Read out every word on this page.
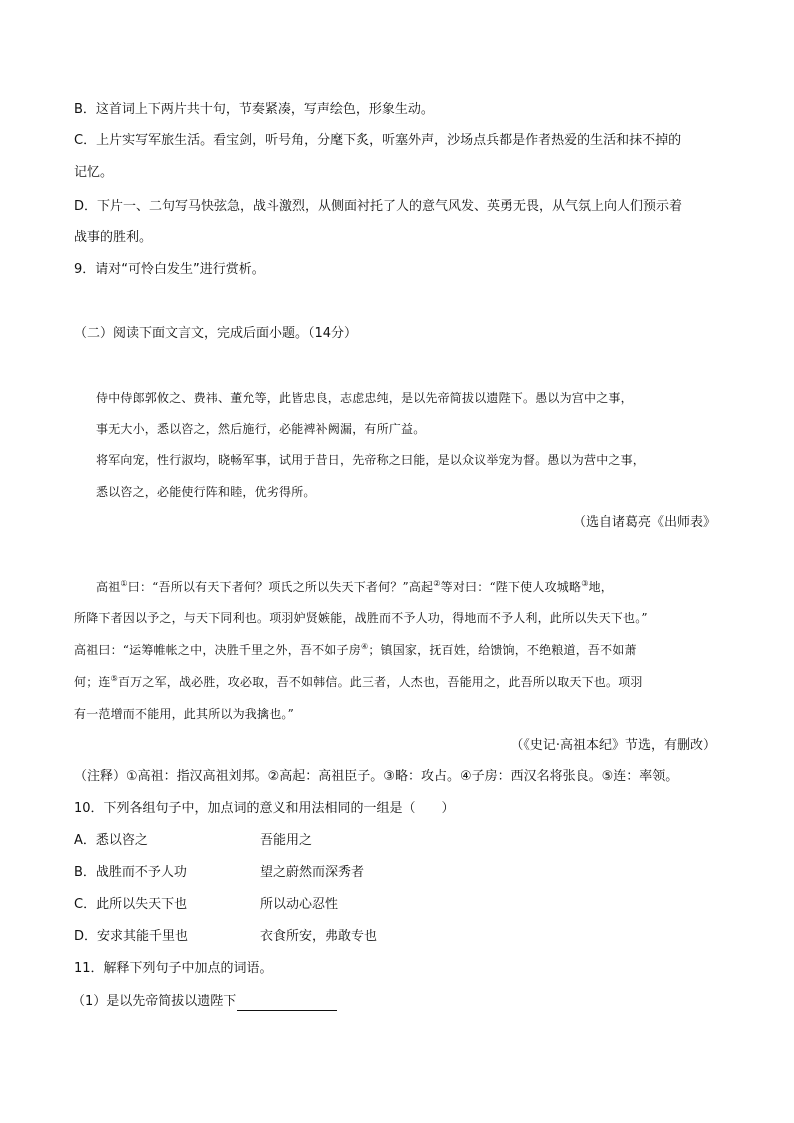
B．这首词上下两片共十句，节奏紧凑，写声绘色，形象生动。
C．上片实写军旅生活。看宝剑，听号角，分麾下炙，听塞外声，沙场点兵都是作者热爱的生活和抹不掉的
记忆。
D．下片一、二句写马快弦急，战斗激烈，从侧面衬托了人的意气风发、英勇无畏，从气氛上向人们预示着
战事的胜利。
9．请对“可怜白发生”进行赏析。
（二）阅读下面文言文，完成后面小题。（14分）
侍中侍郎郭攸之、费祎、董允等，此皆忠良，志虑忠纯，是以先帝简拔以遗陛下。愚以为宫中之事，
事无大小，悉以咨之，然后施行，必能裨补阙漏，有所广益。
将军向宠，性行淑均，晓畅军事，试用于昔日，先帝称之曰能，是以众议举宠为督。愚以为营中之事，
悉以咨之，必能使行阵和睦，优劣得所。
（选自诸葛亮《出师表》
高祖①曰：“吾所以有天下者何？项氏之所以失天下者何？”高起②等对曰：“陛下使人攻城略③地，
所降下者因以予之，与天下同利也。项羽妒贤嫉能，战胜而不予人功，得地而不予人利，此所以失天下也。”
高祖曰：“运筹帷帐之中，决胜千里之外，吾不如子房④；镇国家，抚百姓，给馈饷，不绝粮道，吾不如萧
何；连⑤百万之军，战必胜，攻必取，吾不如韩信。此三者，人杰也，吾能用之，此吾所以取天下也。项羽
有一范增而不能用，此其所以为我擒也。”
（《史记·高祖本纪》节选，有删改）
（注释）①高祖：指汉高祖刘邦。②高起：高祖臣子。③略：攻占。④子房：西汉名将张良。⑤连：率领。
10．下列各组句子中，加点词的意义和用法相同的一组是（　　）
A．悉以咨之	吾能用之
B．战胜而不予人功	望之蔚然而深秀者
C．此所以失天下也	所以动心忍性
D．安求其能千里也	衣食所安，弗敢专也
11．解释下列句子中加点的词语。
（1）是以先帝简拔以遗陛下
